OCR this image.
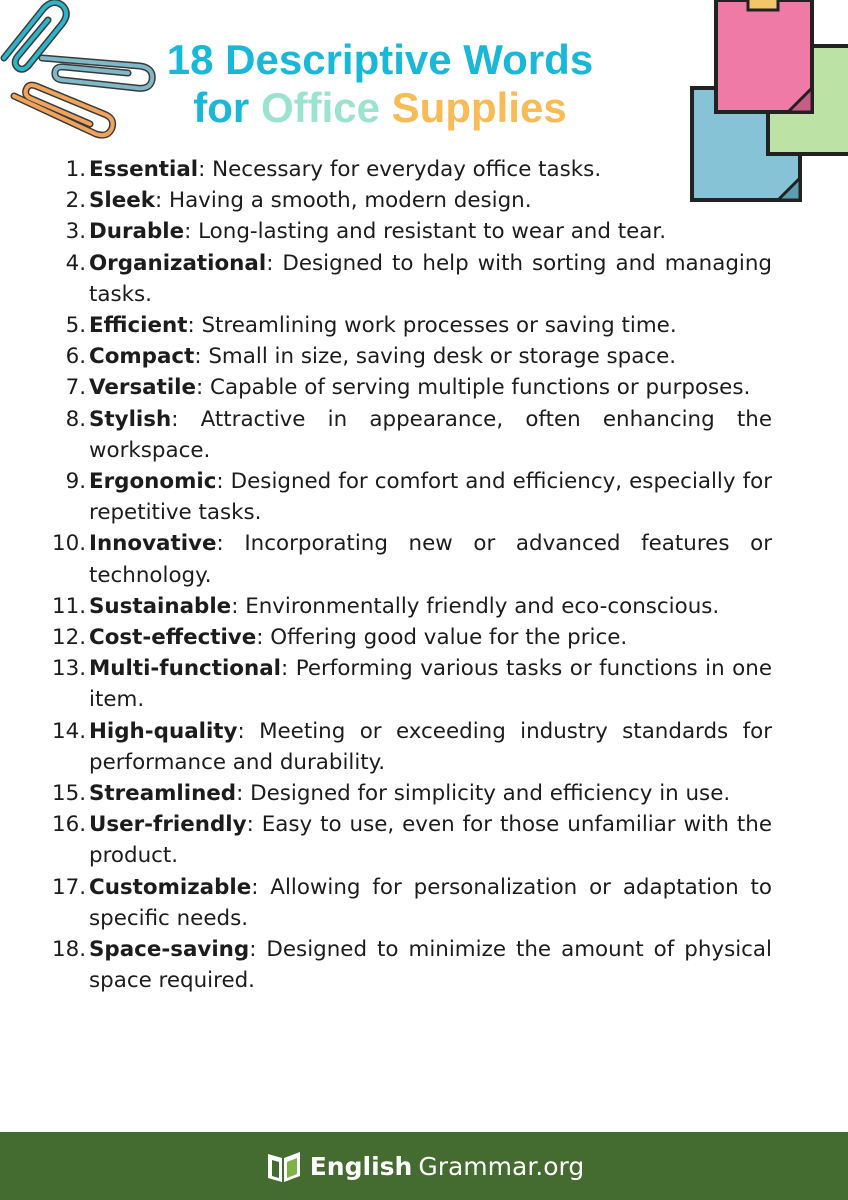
18 Descriptive Words
for Office Supplies
1. Essential: Necessary for everyday office tasks.
2. Sleek: Having a smooth, modern design.
3. Durable: Long-lasting and resistant to wear and tear.
4. Organizational: Designed to help with sorting and managing tasks.
5. Efficient: Streamlining work processes or saving time.
6. Compact: Small in size, saving desk or storage space.
7. Versatile: Capable of serving multiple functions or purposes.
8. Stylish: Attractive in appearance, often enhancing the workspace.
9. Ergonomic: Designed for comfort and efficiency, especially for repetitive tasks.
10. Innovative: Incorporating new or advanced features or technology.
11. Sustainable: Environmentally friendly and eco-conscious.
12. Cost-effective: Offering good value for the price.
13. Multi-functional: Performing various tasks or functions in one item.
14. High-quality: Meeting or exceeding industry standards for performance and durability.
15. Streamlined: Designed for simplicity and efficiency in use.
16. User-friendly: Easy to use, even for those unfamiliar with the product.
17. Customizable: Allowing for personalization or adaptation to specific needs.
18. Space-saving: Designed to minimize the amount of physical space required.
English Grammar.org
